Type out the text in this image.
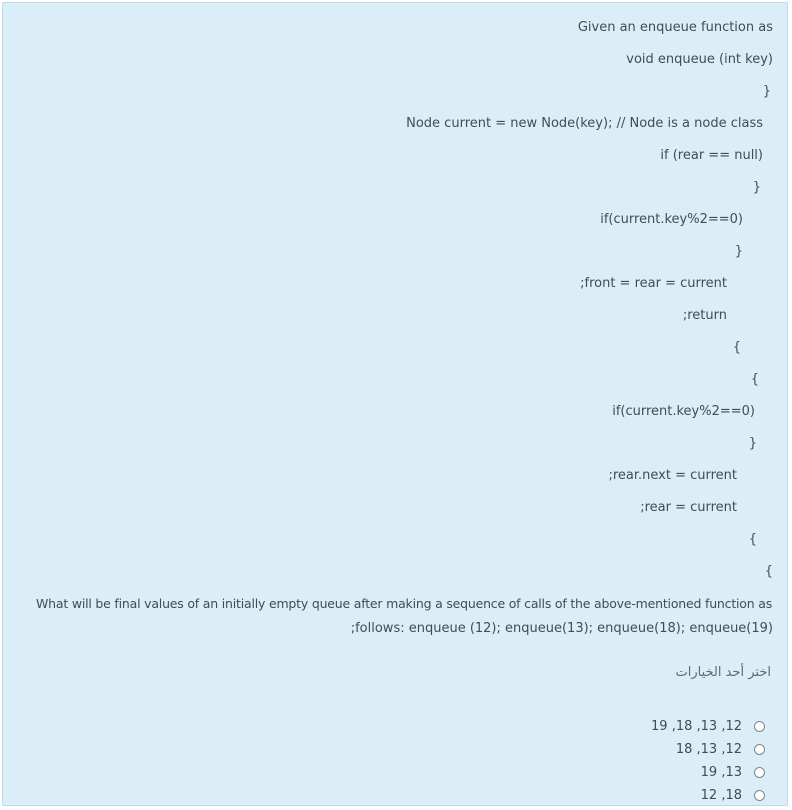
Given an enqueue function as
void enqueue (int key)
}
Node current = new Node(key); // Node is a node class
if (rear == null)
}
if(current.key%2==0)
}
;front = rear = current
;return
{
{
if(current.key%2==0)
}
;rear.next = current
;rear = current
{
{
What will be final values of an initially empty queue after making a sequence of calls of the above-mentioned function as
;follows: enqueue (12); enqueue(13); enqueue(18); enqueue(19)
اختر أحد الخيارات
12, 13, 18, 19
12, 13, 18
13, 19
18, 12
